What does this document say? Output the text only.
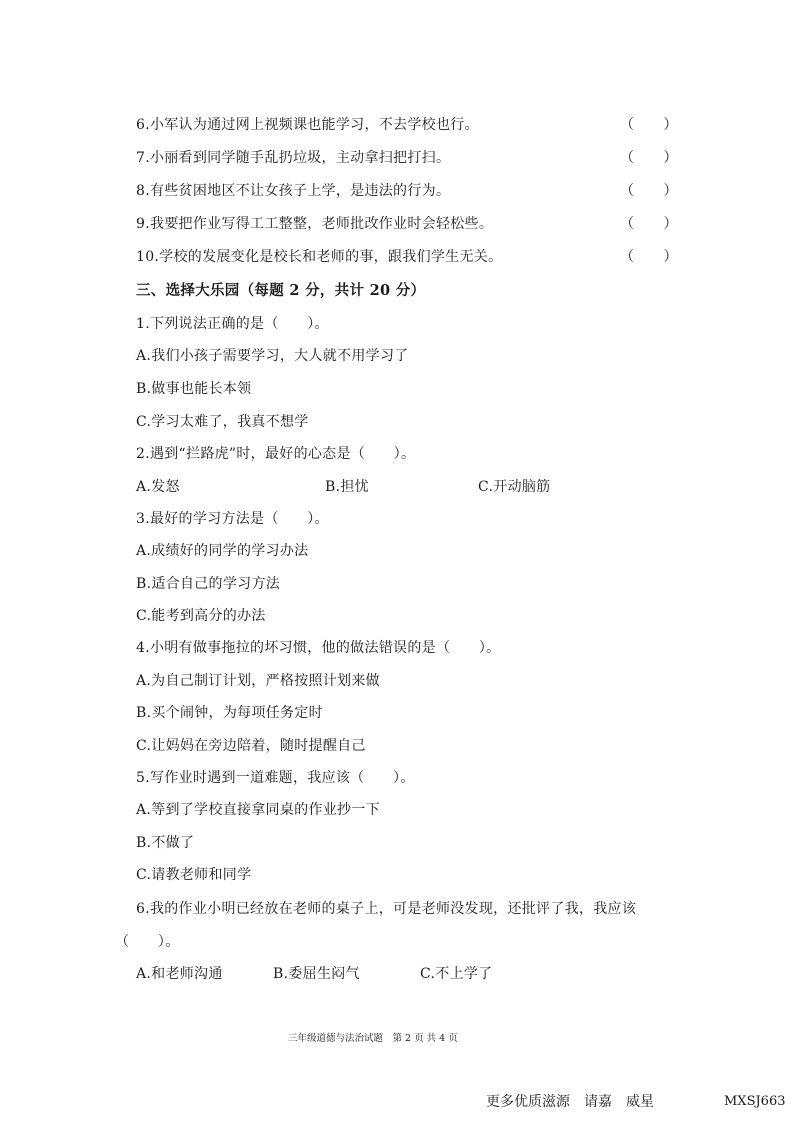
6.小军认为通过网上视频课也能学习，不去学校也行。	（　　）
7.小丽看到同学随手乱扔垃圾，主动拿扫把打扫。	（　　）
8.有些贫困地区不让女孩子上学，是违法的行为。	（　　）
9.我要把作业写得工工整整，老师批改作业时会轻松些。	（　　）
10.学校的发展变化是校长和老师的事，跟我们学生无关。	（　　）
三、选择大乐园（每题 2 分，共计 20 分）
1.下列说法正确的是（　　）。
A.我们小孩子需要学习，大人就不用学习了
B.做事也能长本领
C.学习太难了，我真不想学
2.遇到“拦路虎”时，最好的心态是（　　）。
A.发怒	B.担忧	C.开动脑筋
3.最好的学习方法是（　　）。
A.成绩好的同学的学习办法
B.适合自己的学习方法
C.能考到高分的办法
4.小明有做事拖拉的坏习惯，他的做法错误的是（　　）。
A.为自己制订计划，严格按照计划来做
B.买个闹钟，为每项任务定时
C.让妈妈在旁边陪着，随时提醒自己
5.写作业时遇到一道难题，我应该（　　）。
A.等到了学校直接拿同桌的作业抄一下
B.不做了
C.请教老师和同学
6.我的作业小明已经放在老师的桌子上，可是老师没发现，还批评了我，我应该
（　　）。
A.和老师沟通	B.委屈生闷气	C.不上学了
三年级道德与法治试题　第 2 页 共 4 页
更多优质滋源　请嘉　威星	MXSJ663
